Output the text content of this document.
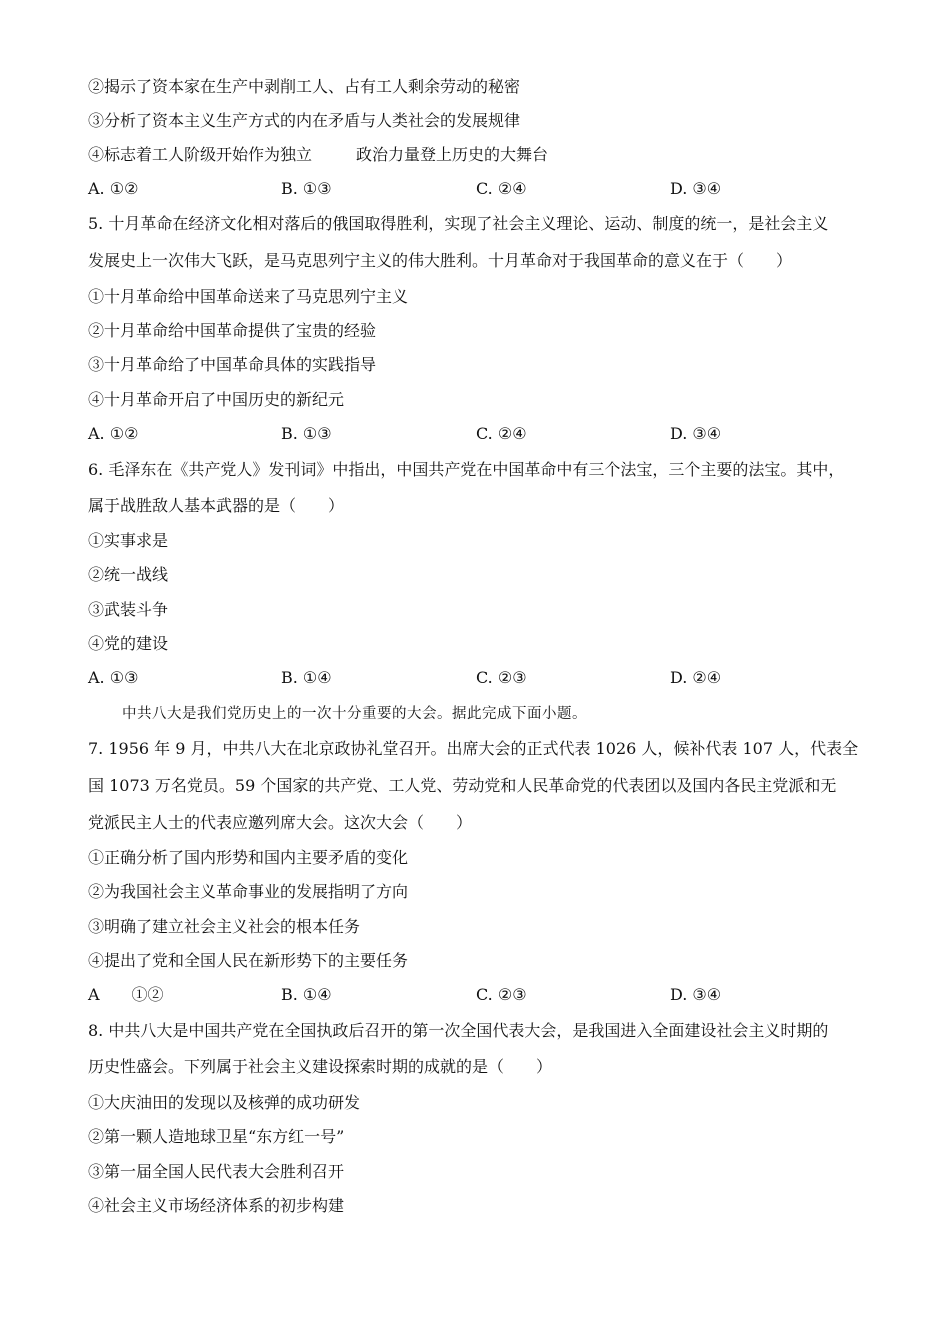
②揭示了资本家在生产中剥削工人、占有工人剩余劳动的秘密
③分析了资本主义生产方式的内在矛盾与人类社会的发展规律
④标志着工人阶级开始作为独立	政治力量登上历史的大舞台
A. ①②	B. ①③	C. ②④	D. ③④
5. 十月革命在经济文化相对落后的俄国取得胜利，实现了社会主义理论、运动、制度的统一，是社会主义
发展史上一次伟大飞跃，是马克思列宁主义的伟大胜利。十月革命对于我国革命的意义在于（　　）
①十月革命给中国革命送来了马克思列宁主义
②十月革命给中国革命提供了宝贵的经验
③十月革命给了中国革命具体的实践指导
④十月革命开启了中国历史的新纪元
A. ①②	B. ①③	C. ②④	D. ③④
6. 毛泽东在《共产党人》发刊词》中指出，中国共产党在中国革命中有三个法宝，三个主要的法宝。其中，
属于战胜敌人基本武器的是（　　）
①实事求是
②统一战线
③武装斗争
④党的建设
A. ①③	B. ①④	C. ②③	D. ②④
中共八大是我们党历史上的一次十分重要的大会。据此完成下面小题。
7. 1956 年 9 月，中共八大在北京政协礼堂召开。出席大会的正式代表 1026 人，候补代表 107 人，代表全
国 1073 万名党员。59 个国家的共产党、工人党、劳动党和人民革命党的代表团以及国内各民主党派和无
党派民主人士的代表应邀列席大会。这次大会（　　）
①正确分析了国内形势和国内主要矛盾的变化
②为我国社会主义革命事业的发展指明了方向
③明确了建立社会主义社会的根本任务
④提出了党和全国人民在新形势下的主要任务
A　　①②	B. ①④	C. ②③	D. ③④
8. 中共八大是中国共产党在全国执政后召开的第一次全国代表大会，是我国进入全面建设社会主义时期的
历史性盛会。下列属于社会主义建设探索时期的成就的是（　　）
①大庆油田的发现以及核弹的成功研发
②第一颗人造地球卫星“东方红一号”
③第一届全国人民代表大会胜利召开
④社会主义市场经济体系的初步构建
